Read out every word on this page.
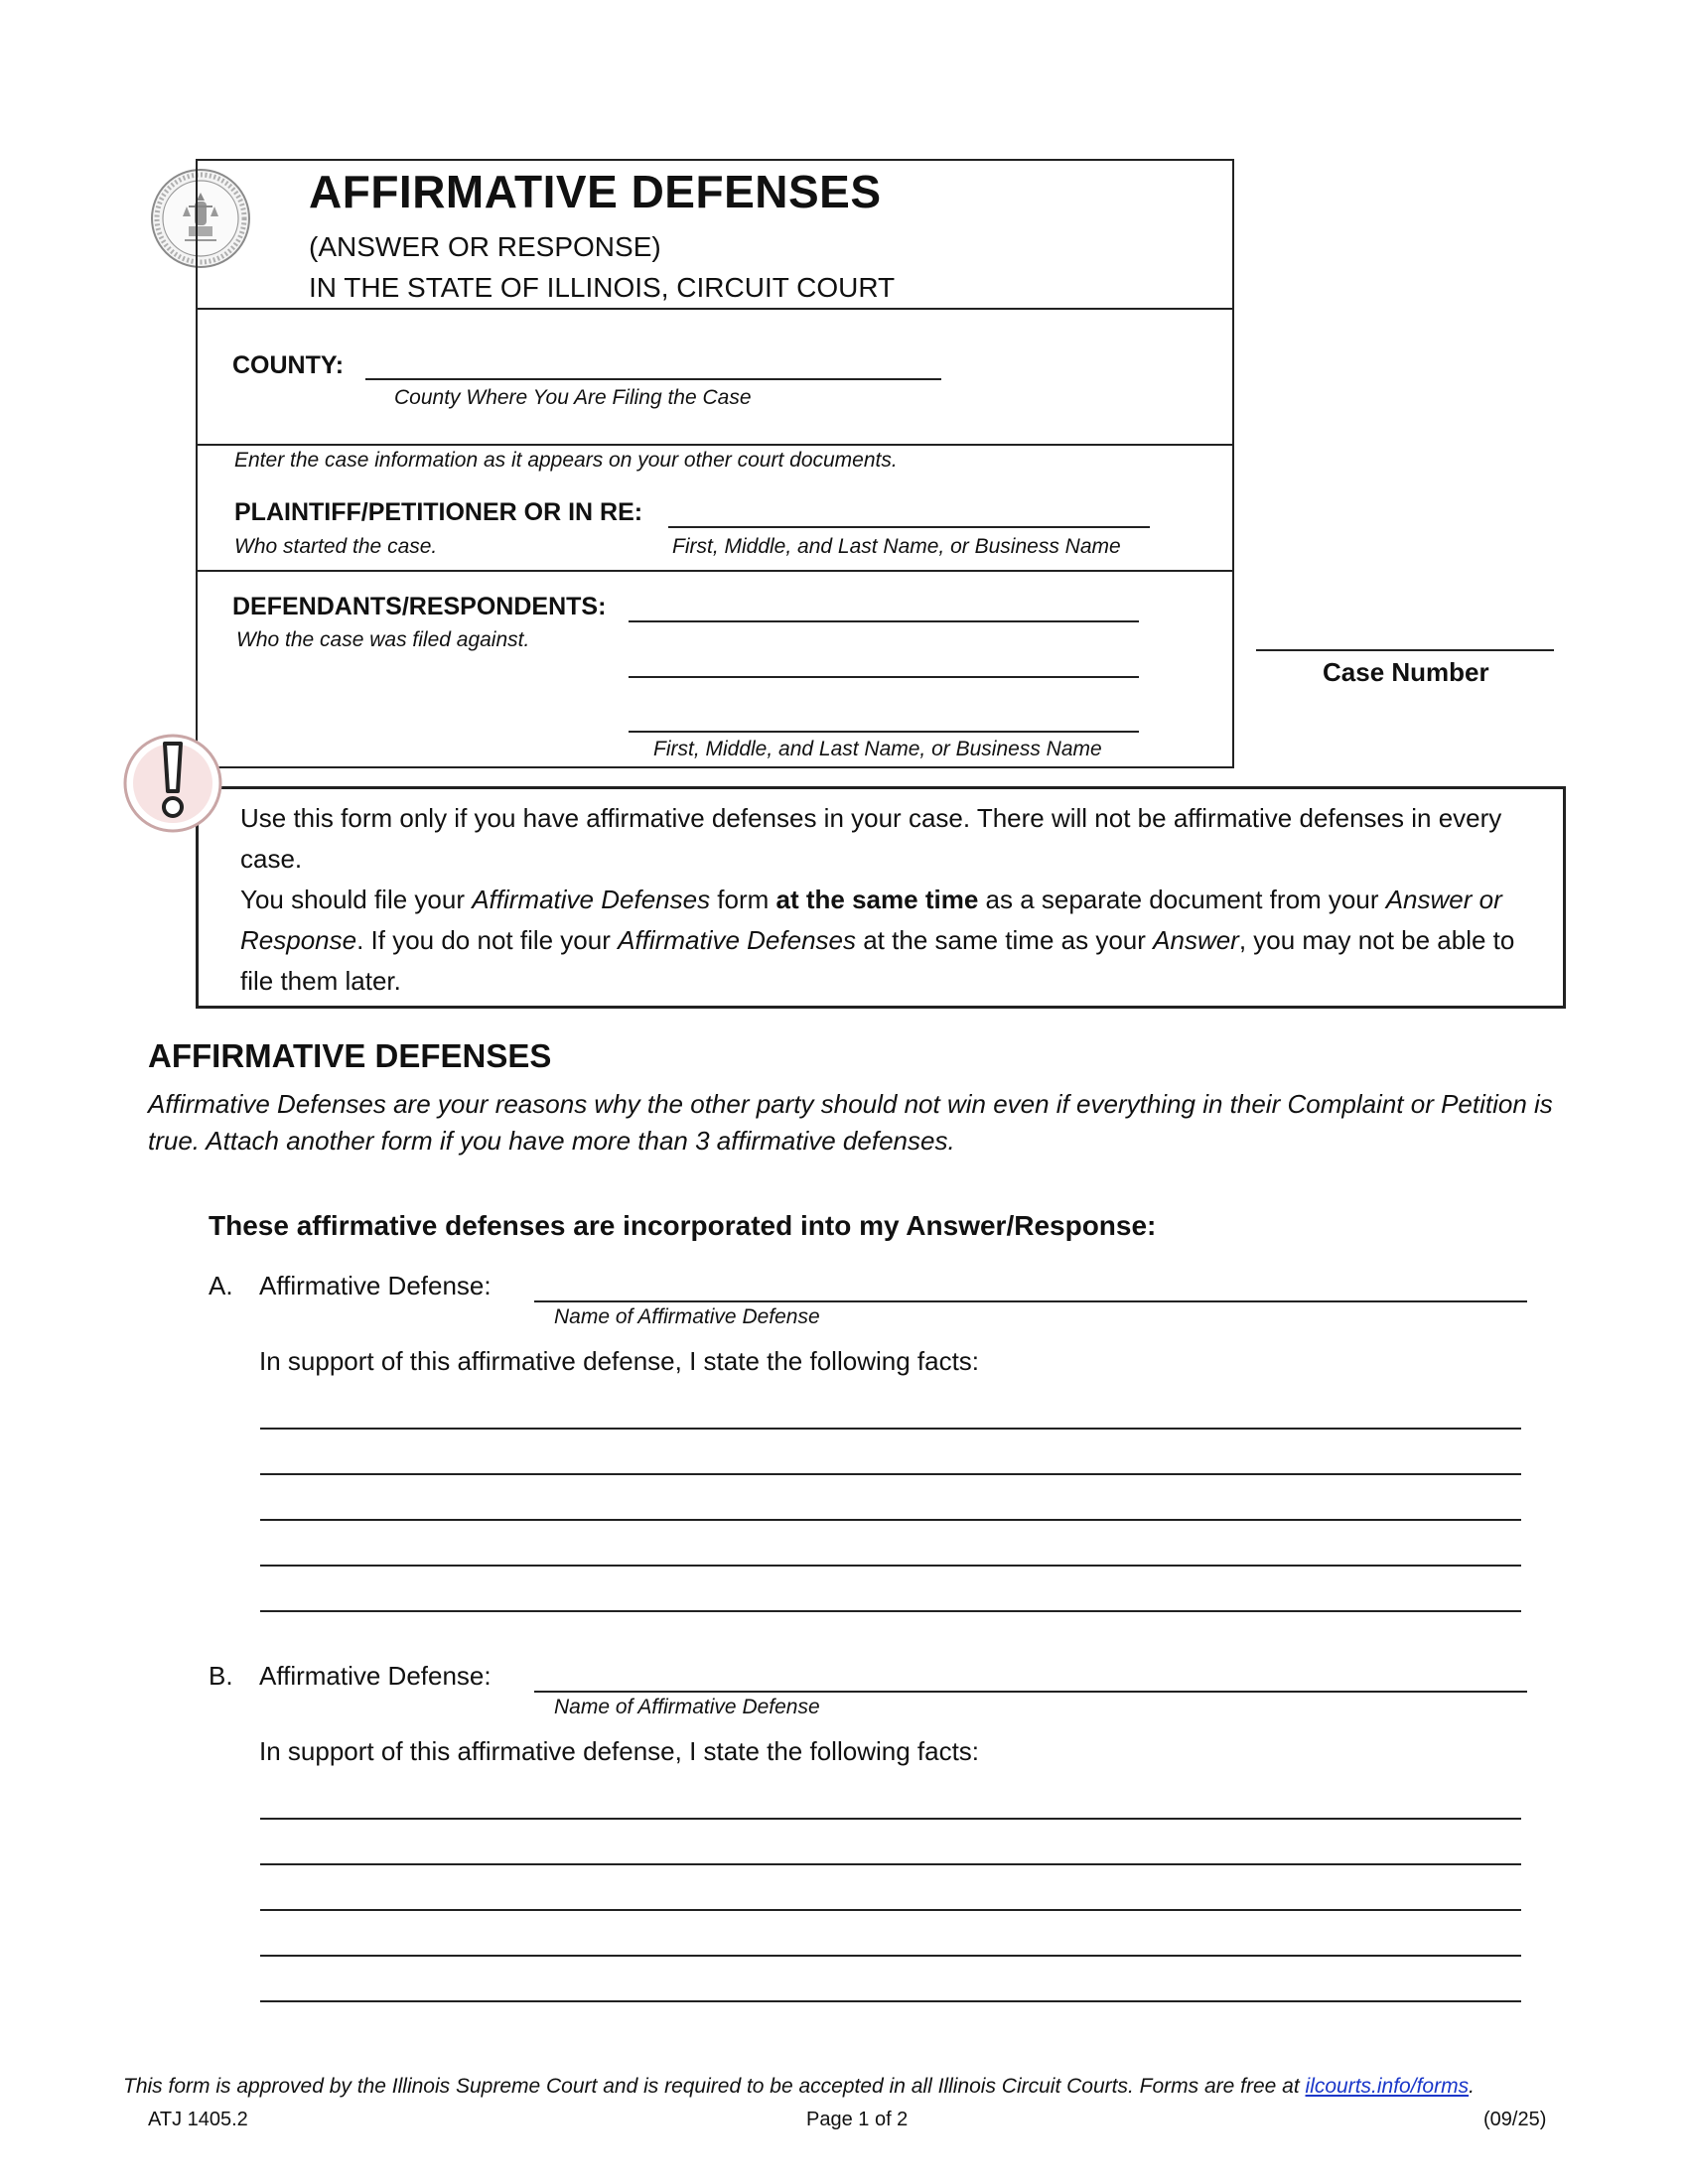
AFFIRMATIVE DEFENSES
(ANSWER OR RESPONSE)
IN THE STATE OF ILLINOIS, CIRCUIT COURT
COUNTY:
County Where You Are Filing the Case
Enter the case information as it appears on your other court documents.
PLAINTIFF/PETITIONER OR IN RE:
Who started the case.	First, Middle, and Last Name, or Business Name
DEFENDANTS/RESPONDENTS:
Who the case was filed against.
First, Middle, and Last Name, or Business Name
Case Number
Use this form only if you have affirmative defenses in your case. There will not be affirmative defenses in every case.
You should file your Affirmative Defenses form at the same time as a separate document from your Answer or Response. If you do not file your Affirmative Defenses at the same time as your Answer, you may not be able to file them later.
AFFIRMATIVE DEFENSES
Affirmative Defenses are your reasons why the other party should not win even if everything in their Complaint or Petition is true. Attach another form if you have more than 3 affirmative defenses.
These affirmative defenses are incorporated into my Answer/Response:
A. Affirmative Defense:
Name of Affirmative Defense
In support of this affirmative defense, I state the following facts:
B. Affirmative Defense:
Name of Affirmative Defense
In support of this affirmative defense, I state the following facts:
This form is approved by the Illinois Supreme Court and is required to be accepted in all Illinois Circuit Courts. Forms are free at ilcourts.info/forms.
ATJ 1405.2	Page 1 of 2	(09/25)
